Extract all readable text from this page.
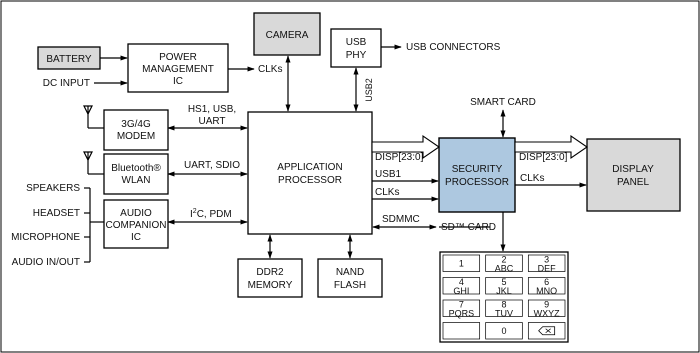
BATTERY	POWER
MANAGEMENT
IC
CAMERA
USB
PHY
3G/4G
MODEM
Bluetooth®
WLAN
AUDIO
COMPANION
IC
APPLICATION
PROCESSOR
DDR2
MEMORY
NAND
FLASH
SECURITY
PROCESSOR
DISPLAY
PANEL
DC INPUT
CLKs
USB2
USB CONNECTORS
HS1, USB,
UART
UART, SDIO
$I^2C$, PDM
SPEAKERS
HEADSET
MICROPHONE
AUDIO IN/OUT
DISP[23:0]	DISP[23:0]
USB1
CLKs
CLKs
SDMMC
SD™ CARD
SMART CARD
1	2
ABC
3
DEF
4
GHI
5
JKL
6
MNO
7
PQRS
8
TUV
9
WXYZ
0
